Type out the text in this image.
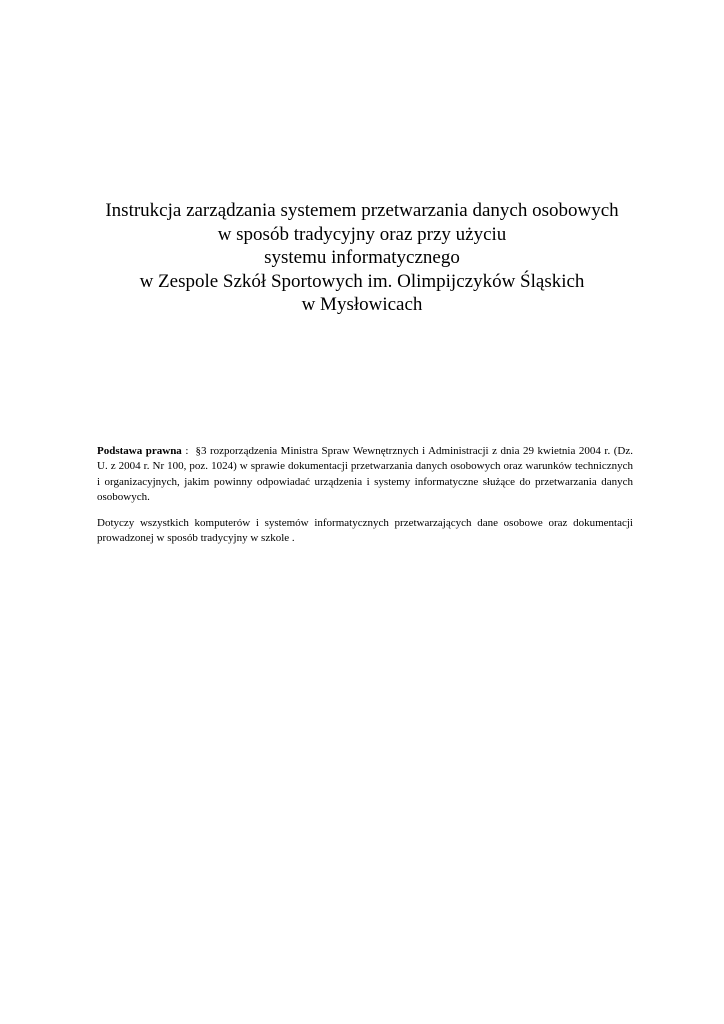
Instrukcja zarządzania systemem przetwarzania danych osobowych
w sposób tradycyjny oraz przy użyciu
systemu informatycznego
w Zespole Szkół Sportowych im. Olimpijczyków Śląskich
w Mysłowicach

Podstawa prawna :  §3 rozporządzenia Ministra Spraw Wewnętrznych i Administracji z dnia 29 kwietnia 2004 r. (Dz. U. z 2004 r. Nr 100, poz. 1024) w sprawie dokumentacji przetwarzania danych osobowych oraz warunków technicznych i organizacyjnych, jakim powinny odpowiadać urządzenia i systemy informatyczne służące do przetwarzania danych osobowych.

Dotyczy wszystkich komputerów i systemów informatycznych przetwarzających dane osobowe oraz dokumentacji prowadzonej w sposób tradycyjny w szkole .
